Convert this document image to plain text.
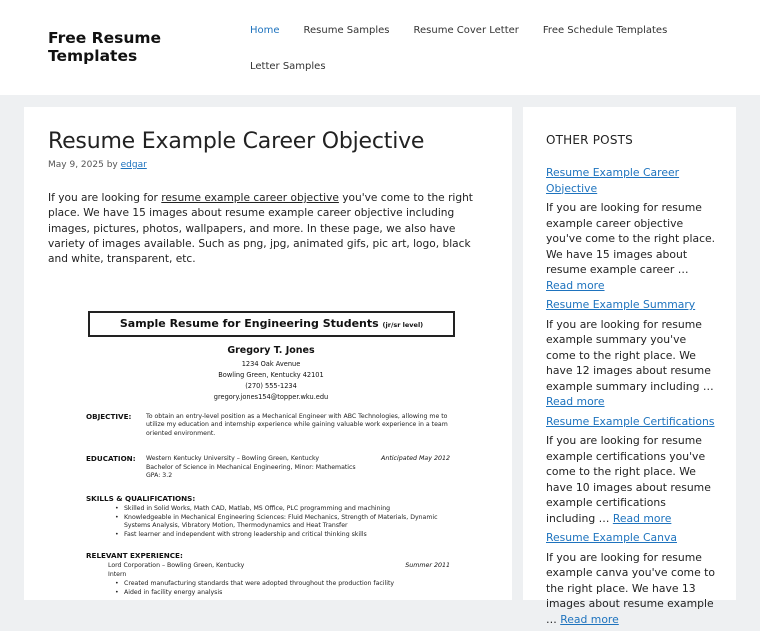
Free Resume Templates
Home	Resume Samples	Resume Cover Letter	Free Schedule Templates
Letter Samples
Resume Example Career Objective
May 9, 2025 by edgar

If you are looking for resume example career objective you've come to the right place. We have 15 images about resume example career objective including images, pictures, photos, wallpapers, and more. In these page, we also have variety of images available. Such as png, jpg, animated gifs, pic art, logo, black and white, transparent, etc.

Sample Resume for Engineering Students (jr/sr level)
Gregory T. Jones
1234 Oak Avenue
Bowling Green, Kentucky 42101
(270) 555-1234
gregory.jones154@topper.wku.edu
OBJECTIVE: To obtain an entry-level position as a Mechanical Engineer with ABC Technologies, allowing me to utilize my education and internship experience while gaining valuable work experience in a team oriented environment.
EDUCATION: Western Kentucky University – Bowling Green, Kentucky	Anticipated May 2012
Bachelor of Science in Mechanical Engineering, Minor: Mathematics
GPA: 3.2
SKILLS & QUALIFICATIONS:
• Skilled in Solid Works, Math CAD, Matlab, MS Office, PLC programming and machining
• Knowledgeable in Mechanical Engineering Sciences: Fluid Mechanics, Strength of Materials, Dynamic Systems Analysis, Vibratory Motion, Thermodynamics and Heat Transfer
• Fast learner and independent with strong leadership and critical thinking skills
RELEVANT EXPERIENCE:
Lord Corporation – Bowling Green, Kentucky	Summer 2011
Intern
• Created manufacturing standards that were adopted throughout the production facility
• Aided in facility energy analysis
OTHER POSTS
Resume Example Career Objective

If you are looking for resume example career objective you've come to the right place. We have 15 images about resume example career … Read more

Resume Example Summary

If you are looking for resume example summary you've come to the right place. We have 12 images about resume example summary including … Read more

Resume Example Certifications

If you are looking for resume example certifications you've come to the right place. We have 10 images about resume example certifications including … Read more

Resume Example Canva

If you are looking for resume example canva you've come to the right place. We have 13 images about resume example … Read more
